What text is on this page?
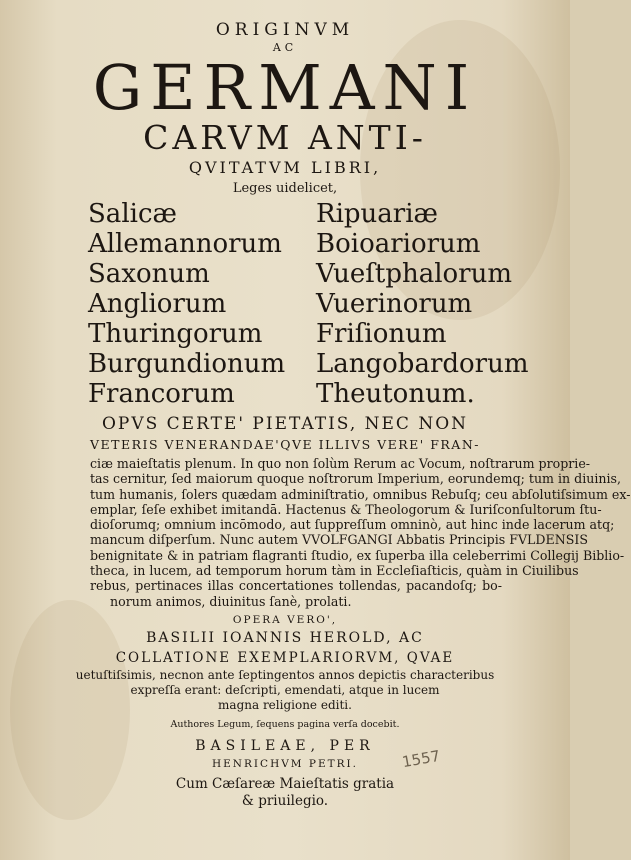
ORIGINVM
AC
GERMANI
CARVM ANTI-
QVITATVM LIBRI,
Leges uidelicet,
Salicæ	Ripuariæ
Allemannorum Boioariorum
Saxonum	Vueſtphalorum
Angliorum	Vuerinorum
Thuringorum Friſionum
Burgundionum Langobardorum
Francorum	Theutonum.
OPVS CERTE' PIETATIS, NEC NON
VETERIS VENERANDAE'QVE ILLIVS VERE' FRAN-
ciæ maieſtatis plenum. In quo non ſolùm Rerum ac Vocum, noſtrarum proprie-
tas cernitur, ſed maiorum quoque noſtrorum Imperium, eorundemq; tum in diuinis,
tum humanis, ſolers quædam adminiſtratio, omnibus Rebuſq; ceu abſolutiſsimum ex-
emplar, ſeſe exhibet imitandā. Hactenus & Theologorum & Iuriſconſultorum ſtu-
dioſorumq; omnium incōmodo, aut ſuppreſſum omninò, aut hinc inde lacerum atq;
mancum diſperſum. Nunc autem VVOLFGANGI Abbatis Principis FVLDENSIS
benignitate & in patriam flagranti ſtudio, ex ſuperba illa celeberrimi Collegij Biblio-
theca, in lucem, ad temporum horum tàm in Eccleſiaſticis, quàm in Ciuilibus
rebus, pertinaces illas concertationes tollendas, pacandoſq; bo-
norum animos, diuinitus ſanè, prolati.
OPERA VERO',
BASILII IOANNIS HEROLD, AC
COLLATIONE EXEMPLARIORVM, QVAE
uetuſtiſsimis, necnon ante ſeptingentos annos depictis characteribus
expreſſa erant: deſcripti, emendati, atque in lucem
magna religione editi.
Authores Legum, ſequens pagina verſa docebit.
BASILEAE, PER
HENRICHVM PETRI.
Cum Cæſareæ Maieſtatis gratia
& priuilegio.
1557
